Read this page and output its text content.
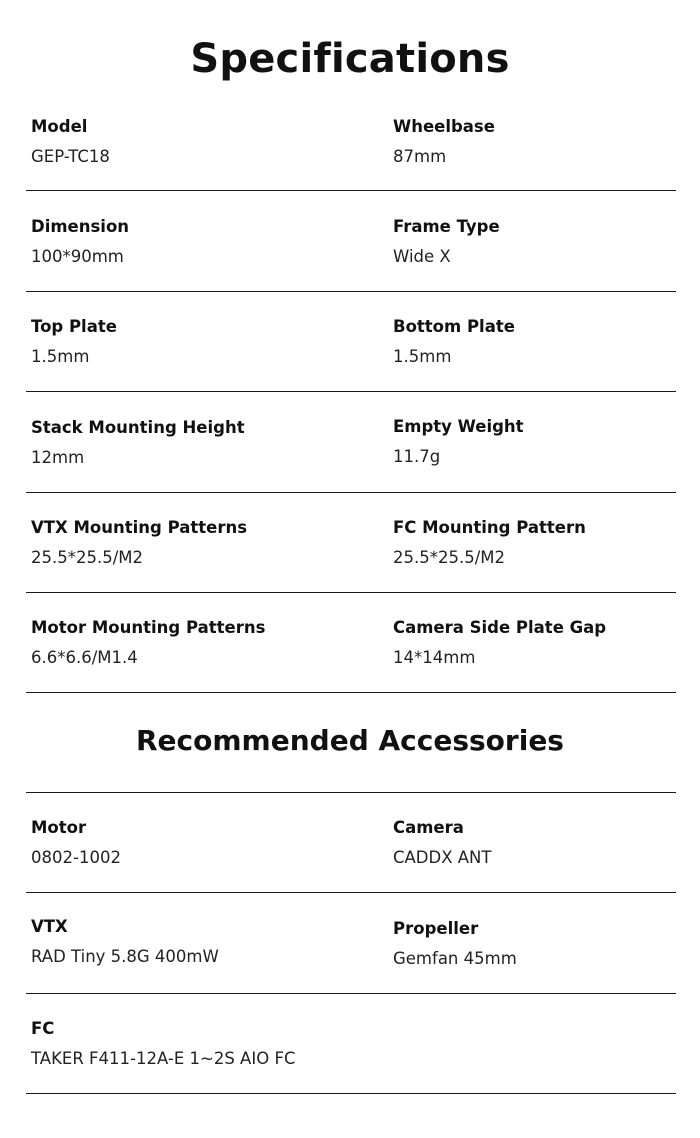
Specifications
Model
GEP-TC18
Wheelbase
87mm
Dimension
100*90mm
Frame Type
Wide X
Top Plate
1.5mm
Bottom Plate
1.5mm
Stack Mounting Height
12mm
Empty Weight
11.7g
VTX Mounting Patterns
25.5*25.5/M2
FC Mounting Pattern
25.5*25.5/M2
Motor Mounting Patterns
6.6*6.6/M1.4
Camera Side Plate Gap
14*14mm
Recommended Accessories
Motor
0802-1002
Camera
CADDX ANT
VTX
RAD Tiny 5.8G 400mW
Propeller
Gemfan 45mm
FC
TAKER F411-12A-E 1~2S AIO FC
